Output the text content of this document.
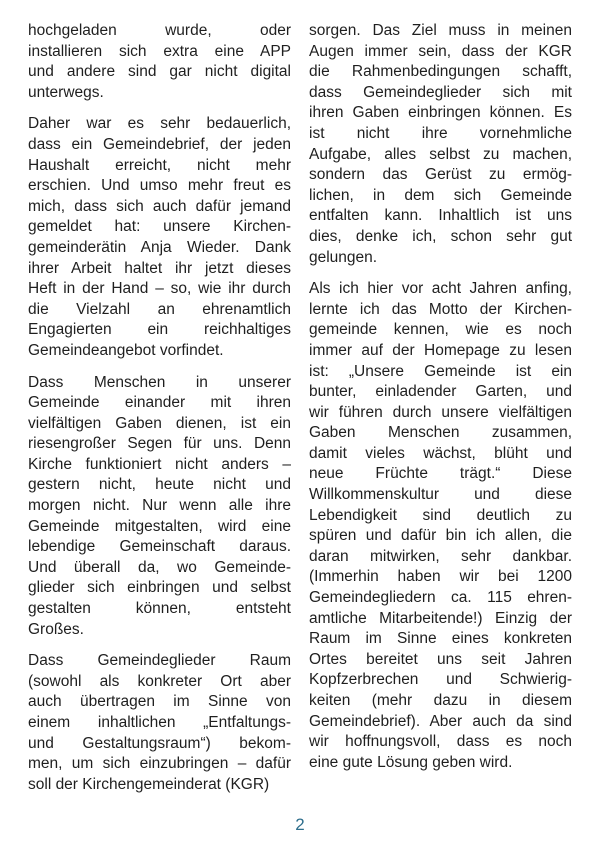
hochgeladen wurde, oder
installieren sich extra eine APP
und andere sind gar nicht digital
unterwegs.
Daher war es sehr bedauerlich,
dass ein Gemeindebrief, der jeden
Haushalt erreicht, nicht mehr
erschien. Und umso mehr freut es
mich, dass sich auch dafür jemand
gemeldet hat: unsere Kirchen-
gemeinderätin Anja Wieder. Dank
ihrer Arbeit haltet ihr jetzt dieses
Heft in der Hand – so, wie ihr durch
die Vielzahl an ehrenamtlich
Engagierten ein reichhaltiges
Gemeindeangebot vorfindet.
Dass Menschen in unserer
Gemeinde einander mit ihren
vielfältigen Gaben dienen, ist ein
riesengroßer Segen für uns. Denn
Kirche funktioniert nicht anders –
gestern nicht, heute nicht und
morgen nicht. Nur wenn alle ihre
Gemeinde mitgestalten, wird eine
lebendige Gemeinschaft daraus.
Und überall da, wo Gemeinde-
glieder sich einbringen und selbst
gestalten können, entsteht
Großes.
Dass Gemeindeglieder Raum
(sowohl als konkreter Ort aber
auch übertragen im Sinne von
einem inhaltlichen „Entfaltungs-
und Gestaltungsraum“) bekom-
men, um sich einzubringen – dafür
soll der Kirchengemeinderat (KGR)
sorgen. Das Ziel muss in meinen
Augen immer sein, dass der KGR
die Rahmenbedingungen schafft,
dass Gemeindeglieder sich mit
ihren Gaben einbringen können. Es
ist nicht ihre vornehmliche
Aufgabe, alles selbst zu machen,
sondern das Gerüst zu ermög-
lichen, in dem sich Gemeinde
entfalten kann. Inhaltlich ist uns
dies, denke ich, schon sehr gut
gelungen.
Als ich hier vor acht Jahren anfing,
lernte ich das Motto der Kirchen-
gemeinde kennen, wie es noch
immer auf der Homepage zu lesen
ist: „Unsere Gemeinde ist ein
bunter, einladender Garten, und
wir führen durch unsere vielfältigen
Gaben Menschen zusammen,
damit vieles wächst, blüht und
neue Früchte trägt.“ Diese
Willkommenskultur und diese
Lebendigkeit sind deutlich zu
spüren und dafür bin ich allen, die
daran mitwirken, sehr dankbar.
(Immerhin haben wir bei 1200
Gemeindegliedern ca. 115 ehren-
amtliche Mitarbeitende!) Einzig der
Raum im Sinne eines konkreten
Ortes bereitet uns seit Jahren
Kopfzerbrechen und Schwierig-
keiten (mehr dazu in diesem
Gemeindebrief). Aber auch da sind
wir hoffnungsvoll, dass es noch
eine gute Lösung geben wird.
2
